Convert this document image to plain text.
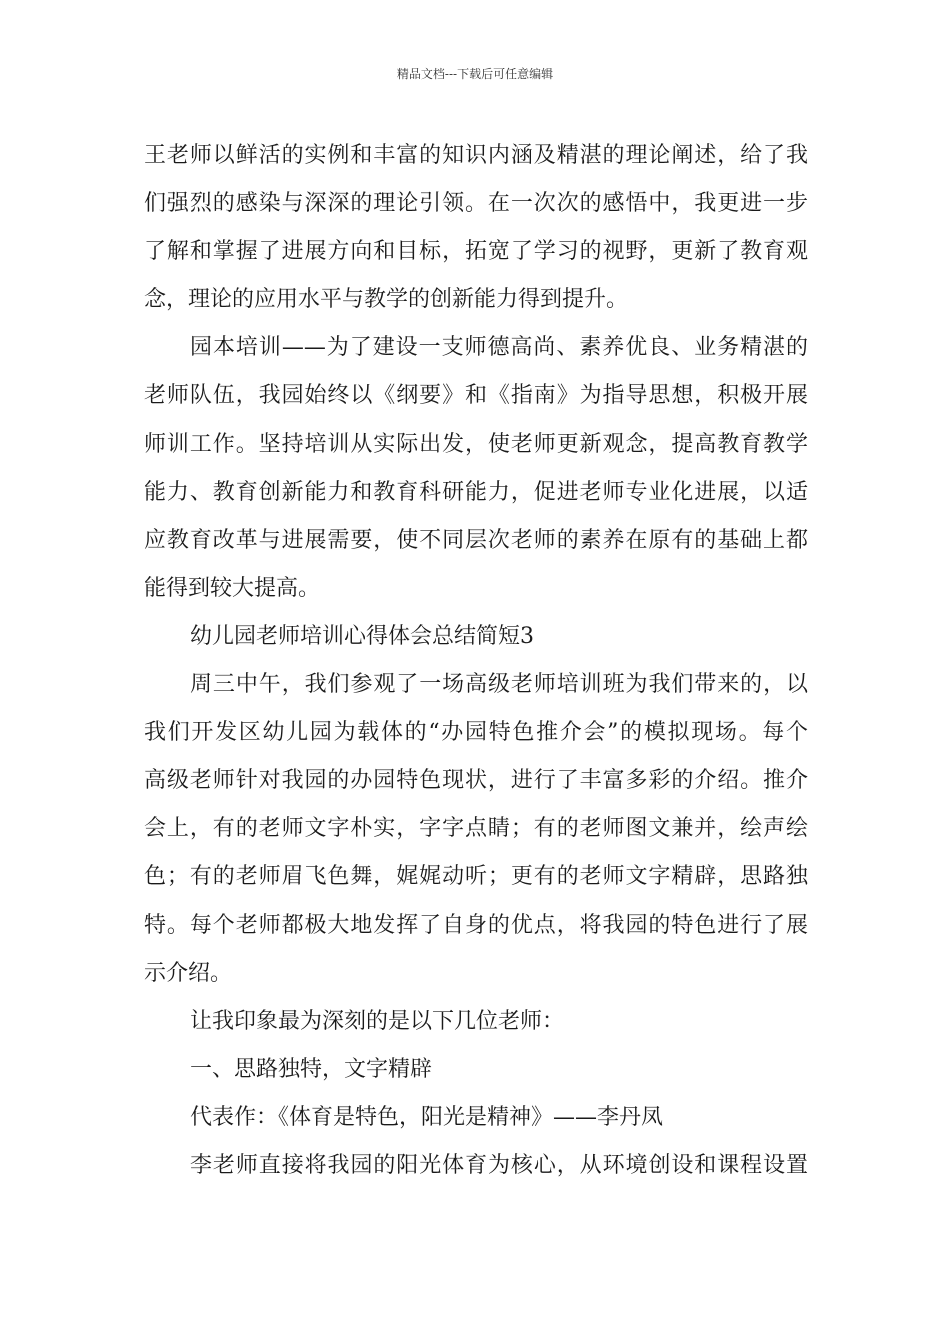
精品文档---下载后可任意编辑
王老师以鲜活的实例和丰富的知识内涵及精湛的理论阐述，给了我
们强烈的感染与深深的理论引领。在一次次的感悟中，我更进一步
了解和掌握了进展方向和目标，拓宽了学习的视野，更新了教育观
念，理论的应用水平与教学的创新能力得到提升。
园本培训——为了建设一支师德高尚、素养优良、业务精湛的
老师队伍，我园始终以《纲要》和《指南》为指导思想，积极开展
师训工作。坚持培训从实际出发，使老师更新观念，提高教育教学
能力、教育创新能力和教育科研能力，促进老师专业化进展，以适
应教育改革与进展需要，使不同层次老师的素养在原有的基础上都
能得到较大提高。
幼儿园老师培训心得体会总结简短3
周三中午，我们参观了一场高级老师培训班为我们带来的，以
我们开发区幼儿园为载体的“办园特色推介会”的模拟现场。每个
高级老师针对我园的办园特色现状，进行了丰富多彩的介绍。推介
会上，有的老师文字朴实，字字点睛；有的老师图文兼并，绘声绘
色；有的老师眉飞色舞，娓娓动听；更有的老师文字精辟，思路独
特。每个老师都极大地发挥了自身的优点，将我园的特色进行了展
示介绍。
让我印象最为深刻的是以下几位老师：
一、思路独特，文字精辟
代表作：《体育是特色，阳光是精神》——李丹凤
李老师直接将我园的阳光体育为核心，从环境创设和课程设置
